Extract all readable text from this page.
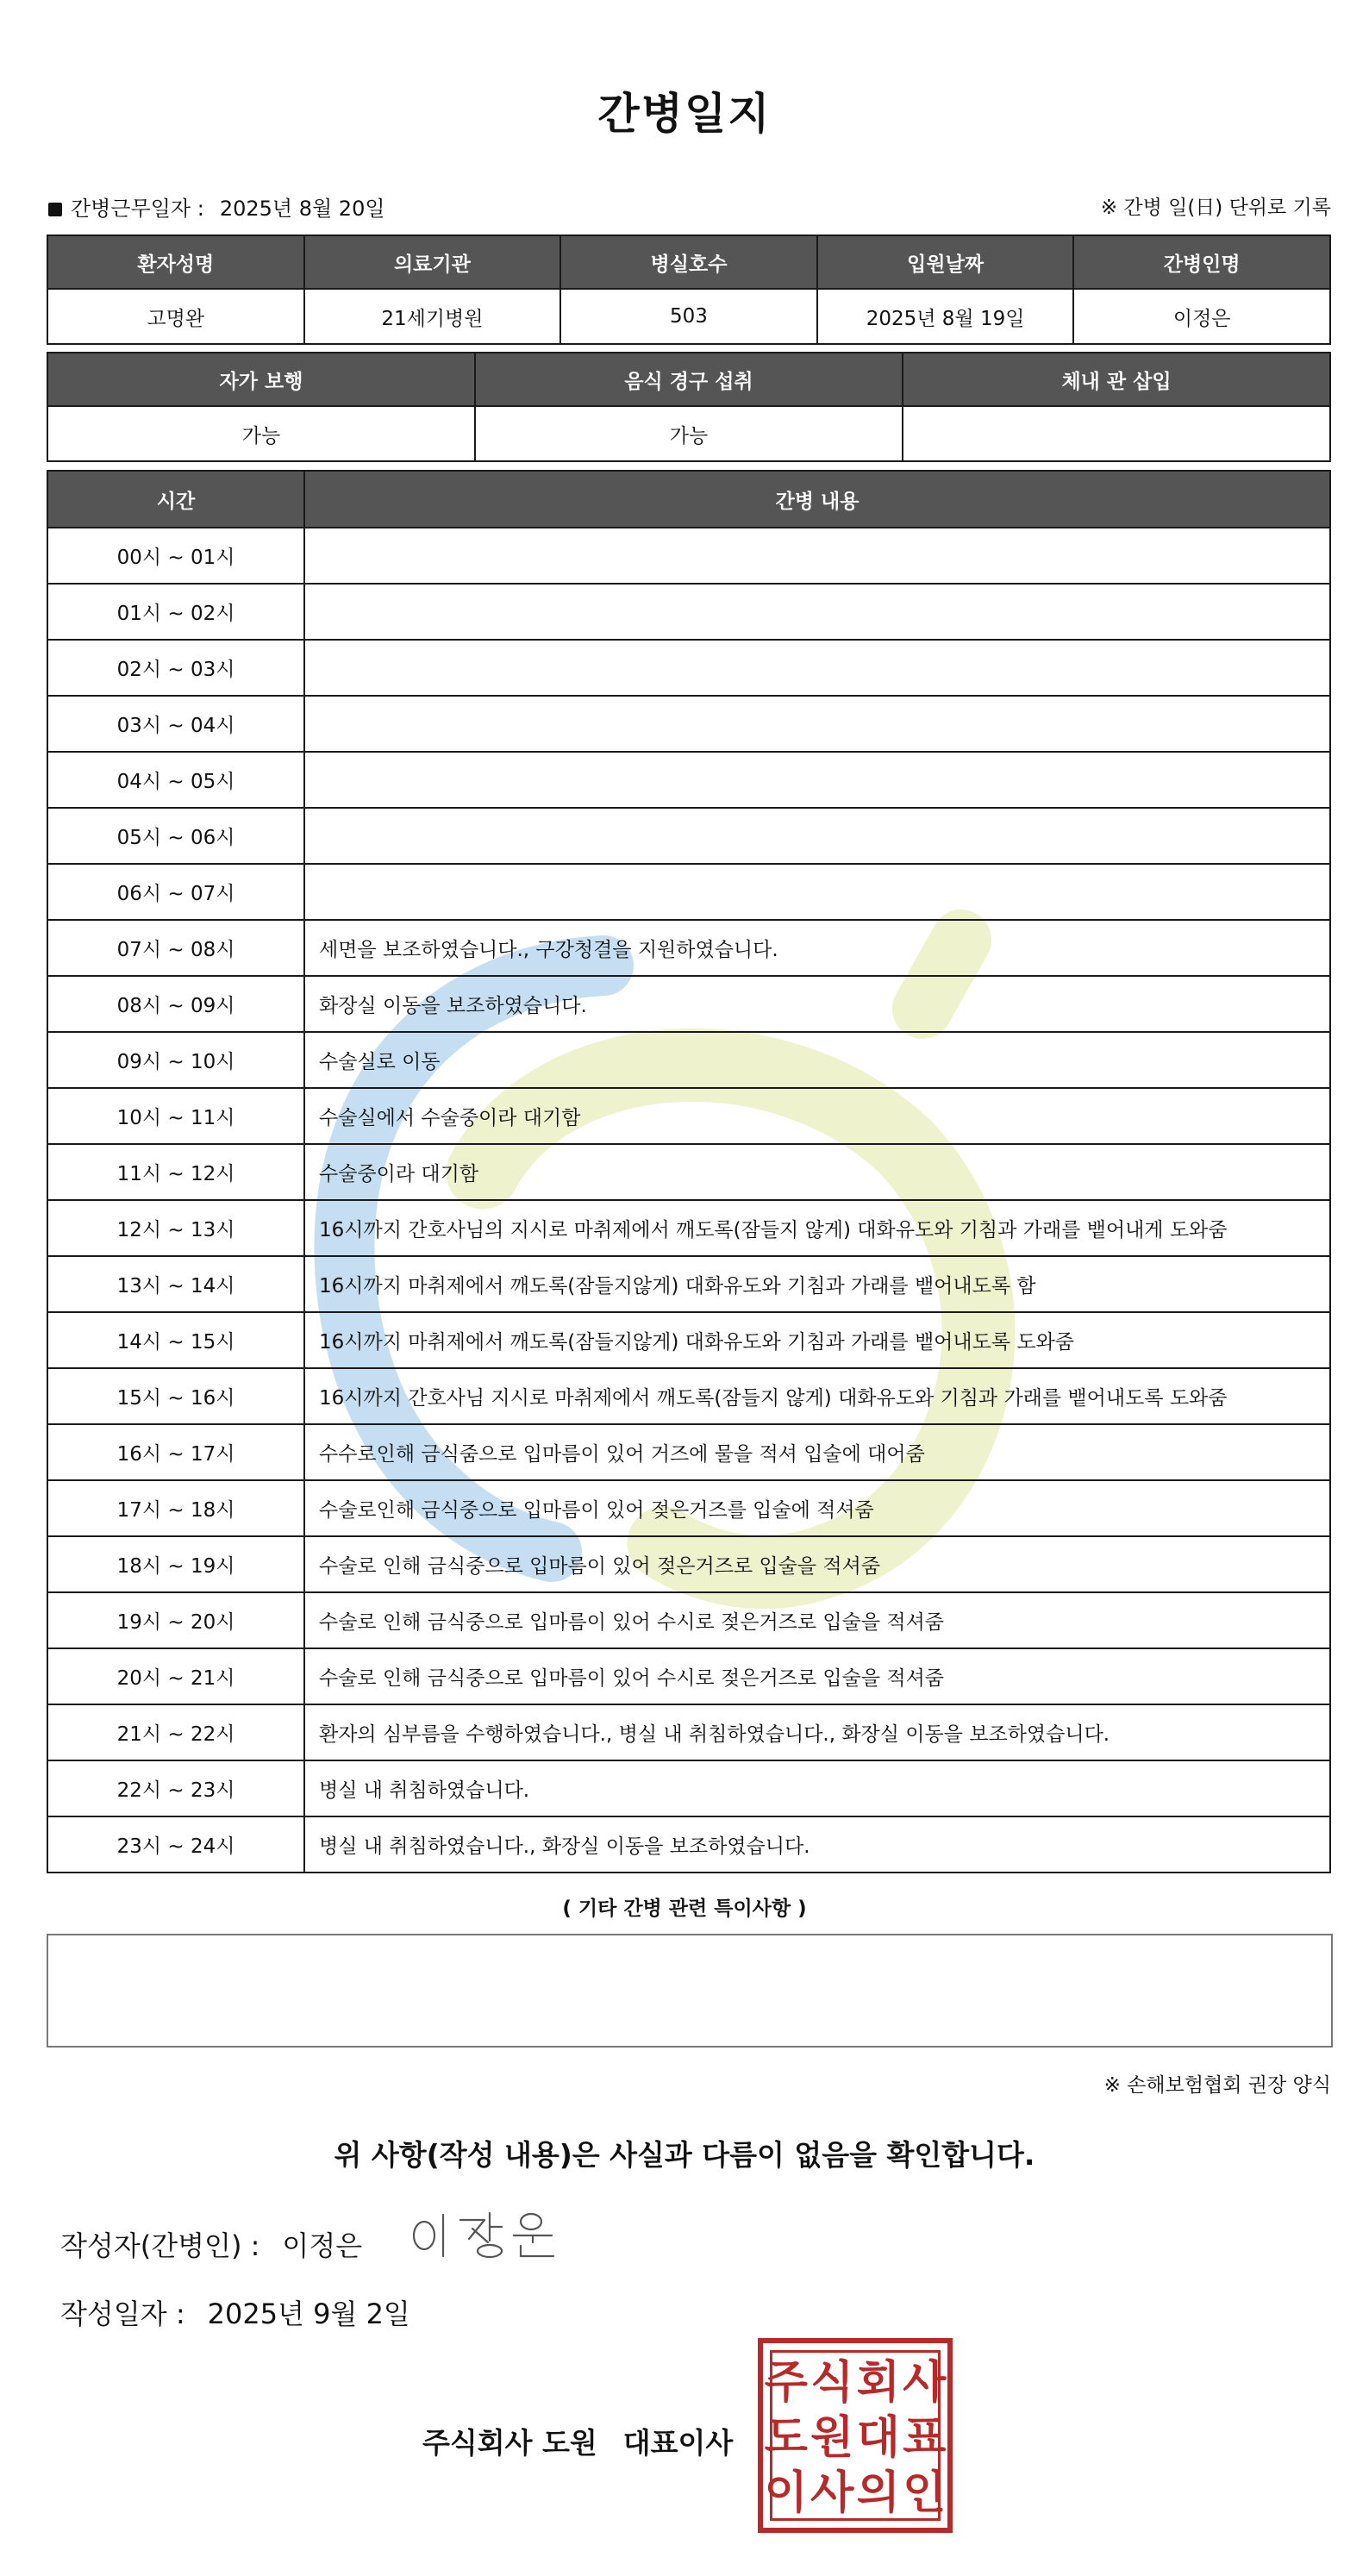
간병일지
간병근무일자 : 2025년 8월 20일	※ 간병 일(日) 단위로 기록
환자성명	의료기관	병실호수	입원날짜	간병인명
고명완	21세기병원	503	2025년 8월 19일	이정은
자가 보행	음식 경구 섭취	체내 관 삽입
가능	가능	
시간	간병 내용
00시 ~ 01시	
01시 ~ 02시	
02시 ~ 03시	
03시 ~ 04시	
04시 ~ 05시	
05시 ~ 06시	
06시 ~ 07시	
07시 ~ 08시	세면을 보조하였습니다., 구강청결을 지원하였습니다.
08시 ~ 09시	화장실 이동을 보조하였습니다.
09시 ~ 10시	수술실로 이동
10시 ~ 11시	수술실에서 수술중이라 대기함
11시 ~ 12시	수술중이라 대기함
12시 ~ 13시	16시까지 간호사님의 지시로 마취제에서 깨도록(잠들지 않게) 대화유도와 기침과 가래를 뱉어내게 도와줌
13시 ~ 14시	16시까지 마취제에서 깨도록(잠들지않게) 대화유도와 기침과 가래를 뱉어내도록 함
14시 ~ 15시	16시까지 마취제에서 깨도록(잠들지않게) 대화유도와 기침과 가래를 뱉어내도록 도와줌
15시 ~ 16시	16시까지 간호사님 지시로 마취제에서 깨도록(잠들지 않게) 대화유도와 기침과 가래를 뱉어내도록 도와줌
16시 ~ 17시	수수로인해 금식줌으로 입마름이 있어 거즈에 물을 적셔 입술에 대어줌
17시 ~ 18시	수술로인해 금식중으로 입마름이 있어 젖은거즈를 입술에 적셔줌
18시 ~ 19시	수술로 인해 금식중으로 입마름이 있어 젖은거즈로 입술을 적셔줌
19시 ~ 20시	수술로 인해 금식중으로 입마름이 있어 수시로 젖은거즈로 입술을 적셔줌
20시 ~ 21시	수술로 인해 금식중으로 입마름이 있어 수시로 젖은거즈로 입술을 적셔줌
21시 ~ 22시	환자의 심부름을 수행하였습니다., 병실 내 취침하였습니다., 화장실 이동을 보조하였습니다.
22시 ~ 23시	병실 내 취침하였습니다.
23시 ~ 24시	병실 내 취침하였습니다., 화장실 이동을 보조하였습니다.
( 기타 간병 관련 특이사항 )
※ 손해보험협회 권장 양식
위 사항(작성 내용)은 사실과 다름이 없음을 확인합니다.
작성자(간병인) : 이정은
작성일자 : 2025년 9월 2일
주식회사 도원 대표이사
주 식 회 사
도 원 대 표
이 사 의 인
